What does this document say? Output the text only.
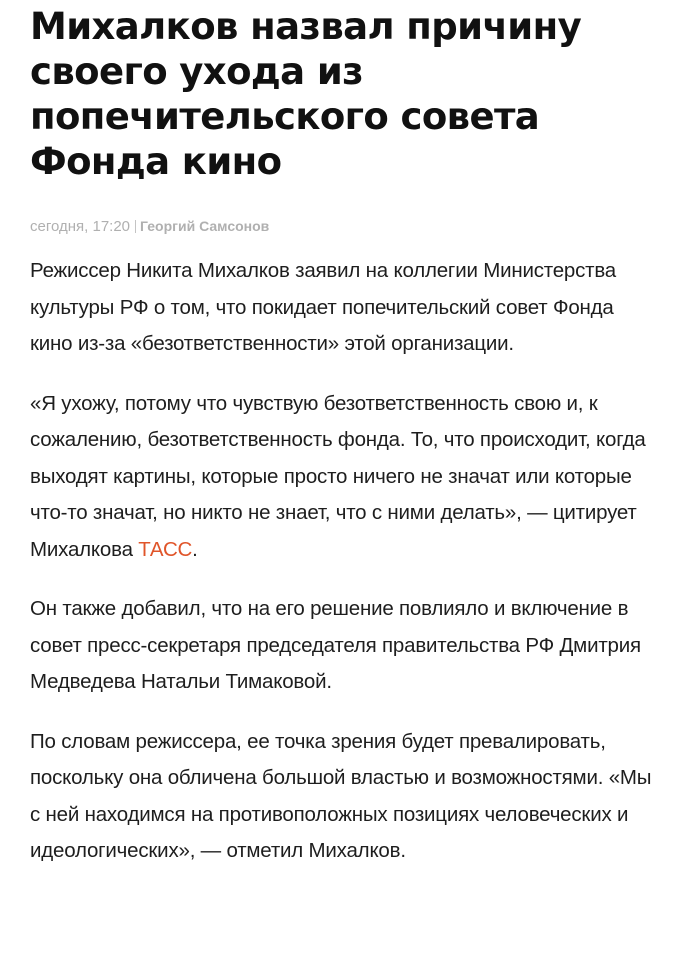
Михалков назвал причину своего ухода из попечительского совета Фонда кино
сегодня, 17:20 Георгий Самсонов

Режиссер Никита Михалков заявил на коллегии Министерства культуры РФ о том, что покидает попечительский совет Фонда кино из-за «безответственности» этой организации.

«Я ухожу, потому что чувствую безответственность свою и, к сожалению, безответственность фонда. То, что происходит, когда выходят картины, которые просто ничего не значат или которые что-то значат, но никто не знает, что с ними делать», — цитирует Михалкова ТАСС.

Он также добавил, что на его решение повлияло и включение в совет пресс-секретаря председателя правительства РФ Дмитрия Медведева Натальи Тимаковой.

По словам режиссера, ее точка зрения будет превалировать, поскольку она обличена большой властью и возможностями. «Мы с ней находимся на противоположных позициях человеческих и идеологических», — отметил Михалков.
